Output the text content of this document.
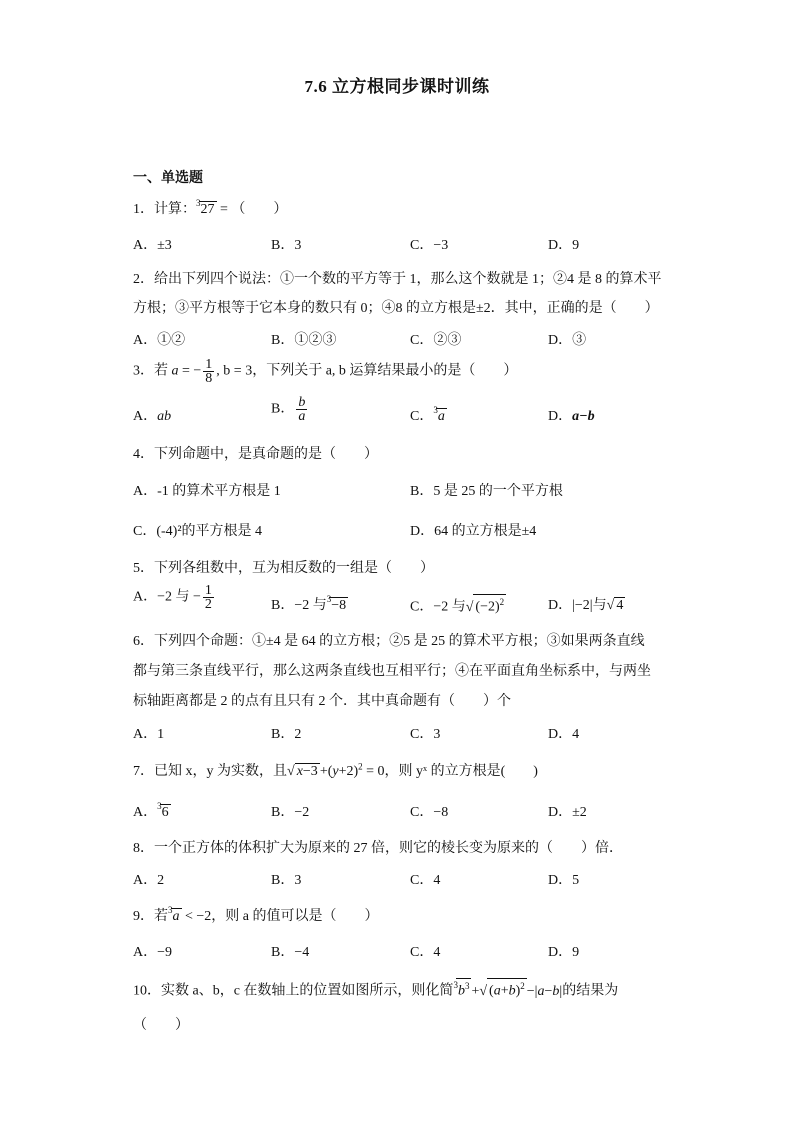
7.6 立方根同步课时训练
一、单选题
1．计算：$^3$27 = （　　）
A．±3	B．3	C．−3	D．9
2．给出下列四个说法：①一个数的平方等于 1，那么这个数就是 1；②4 是 8 的算术平
方根；③平方根等于它本身的数只有 0；④8 的立方根是±2．其中，正确的是（　　）
A．①②	B．①②③	C．②③	D．③
3．若 a = − $\frac{1}{8}$ , b = 3，下列关于 a, b 运算结果最小的是（　　）
A．ab	B． $\frac{b}{a}$	C．$^3$a	D．a−b
4．下列命题中，是真命题的是（　　）
A．-1 的算术平方根是 1	B．5 是 25 的一个平方根
C．(-4)²的平方根是 4	D．64 的立方根是±4
5．下列各组数中，互为相反数的一组是（　　）
A．−2 与 − $\frac{1}{2}$	B．−2 与$^3$−8	C．−2 与√ $(-2)^2$	D．|−2|与√ 4
6．下列四个命题：①±4 是 64 的立方根；②5 是 25 的算术平方根；③如果两条直线
都与第三条直线平行，那么这两条直线也互相平行；④在平面直角坐标系中，与两坐
标轴距离都是 2 的点有且只有 2 个．其中真命题有（　　）个
A．1	B．2	C．3	D．4
7．已知 x，y 为实数，且√ $x-3 +(y+2)^2 = 0$，则 yˣ 的立方根是(　　)
A．$^3$6	B．−2	C．−8	D．±2
8．一个正方体的体积扩大为原来的 27 倍，则它的棱长变为原来的（　　）倍．
A．2	B．3	C．4	D．5
9．若$^3$a < −2，则 a 的值可以是（　　）
A．−9	B．−4	C．4	D．9
10．实数 a、b，c 在数轴上的位置如图所示，则化简$^3b^3$ +√ $(a+b)^2 -|a-b|$的结果为
（　　）
